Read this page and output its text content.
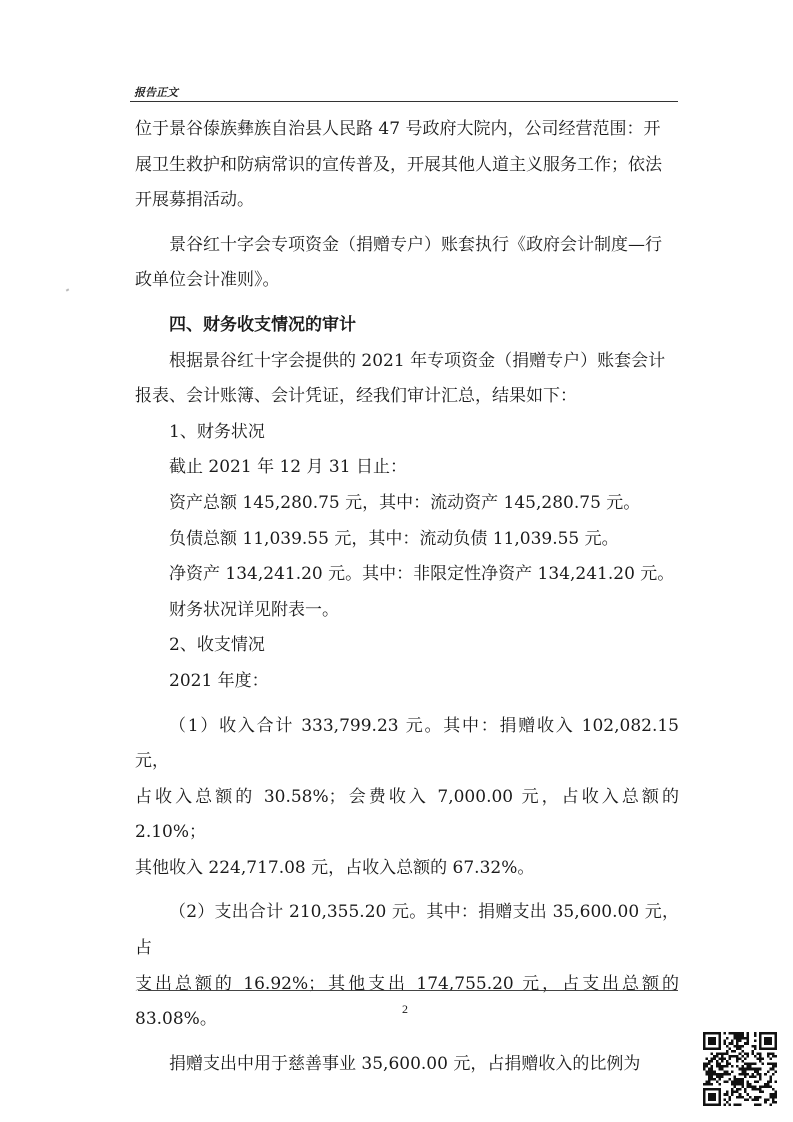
报告正文

位于景谷傣族彝族自治县人民路 47 号政府大院内，公司经营范围：开

展卫生救护和防病常识的宣传普及，开展其他人道主义服务工作；依法

开展募捐活动。

景谷红十字会专项资金（捐赠专户）账套执行《政府会计制度—行

政单位会计准则》。

四、财务收支情况的审计

根据景谷红十字会提供的 2021 年专项资金（捐赠专户）账套会计

报表、会计账簿、会计凭证，经我们审计汇总，结果如下：

1、财务状况

截止 2021 年 12 月 31 日止：

资产总额 145,280.75 元，其中：流动资产 145,280.75 元。

负债总额 11,039.55 元，其中：流动负债 11,039.55 元。

净资产 134,241.20 元。其中：非限定性净资产 134,241.20 元。

财务状况详见附表一。

2、收支情况

2021 年度：

（1）收入合计 333,799.23 元。其中：捐赠收入 102,082.15 元，

占收入总额的 30.58%；会费收入 7,000.00 元，占收入总额的 2.10%；

其他收入 224,717.08 元，占收入总额的 67.32%。

（2）支出合计 210,355.20 元。其中：捐赠支出 35,600.00 元，占

支出总额的 16.92%；其他支出 174,755.20 元，占支出总额的 83.08%。

捐赠支出中用于慈善事业 35,600.00 元，占捐赠收入的比例为

2
